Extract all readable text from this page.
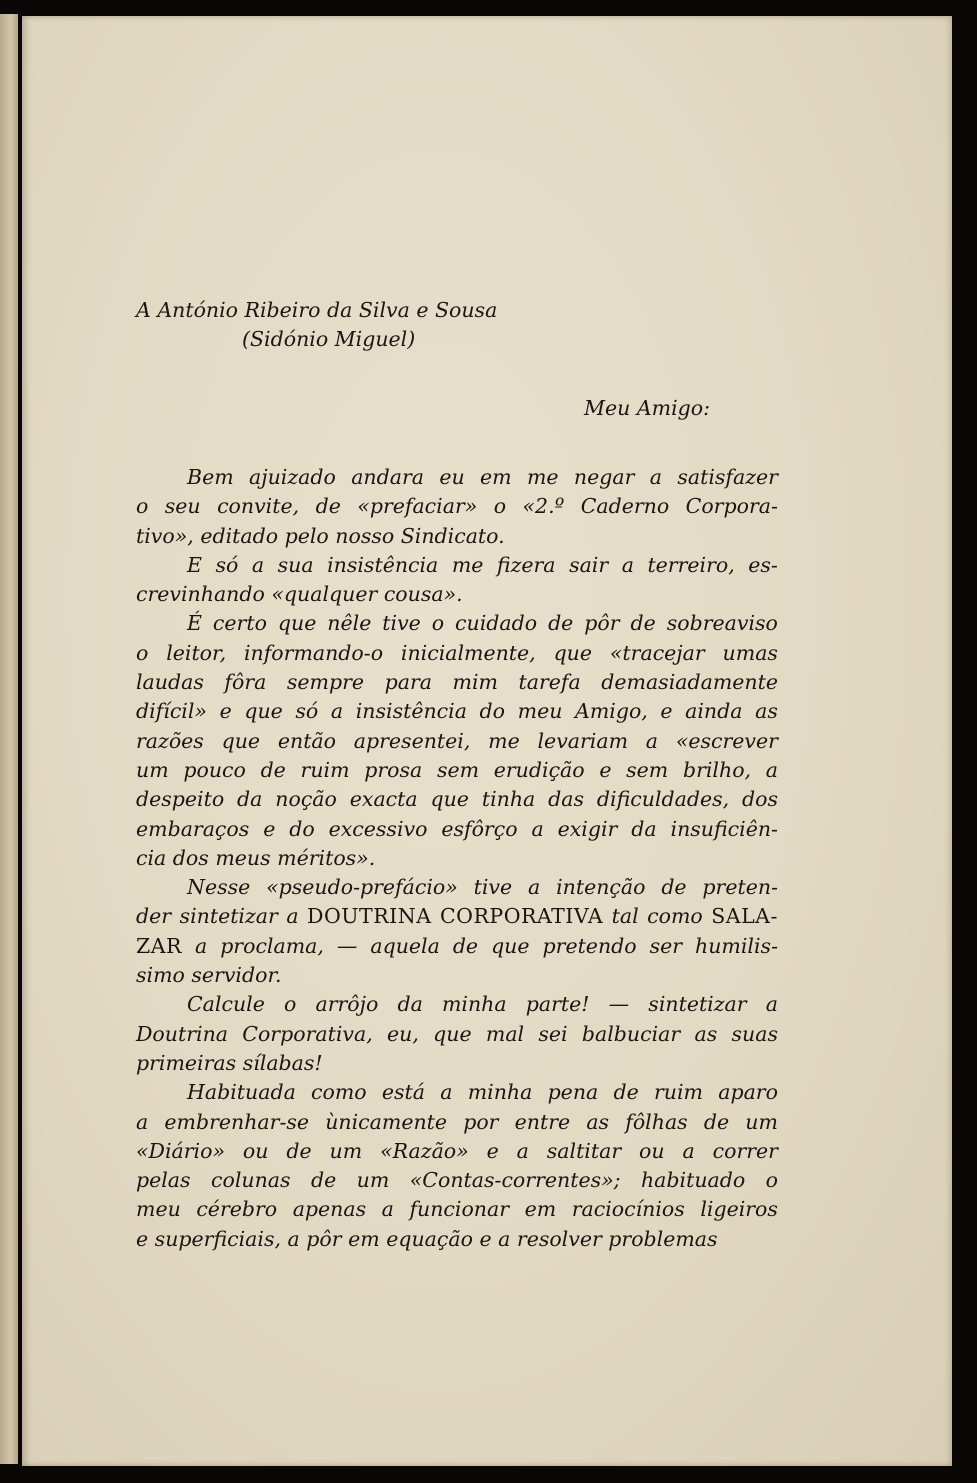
A António Ribeiro da Silva e Sousa
(Sidónio Miguel)
Meu Amigo:
Bem ajuizado andara eu em me negar a satisfazer
o seu convite, de «prefaciar» o «2.º Caderno Corpora-
tivo»,
editado
pelo
nosso
Sindicato.
E só a sua insistência me fizera sair a terreiro, es-
crevinhando
«qualquer
cousa».
É certo que nêle tive o cuidado de pôr de sobreaviso
o leitor, informando-o inicialmente, que «tracejar umas
laudas fôra sempre para mim tarefa demasiadamente
difícil» e que só a insistência do meu Amigo, e ainda as
razões que então apresentei, me levariam a «escrever
um pouco de ruim prosa sem erudição e sem brilho, a
despeito da noção exacta que tinha das dificuldades, dos
embaraços e do excessivo esfôrço a exigir da insuficiên-
cia
dos
meus
méritos».
Nesse «pseudo-prefácio» tive a intenção de preten-
der sintetizar a DOUTRINA CORPORATIVA tal como SALA-
ZAR a proclama, — aquela de que pretendo ser humilis-
simo
servidor.
Calcule o arrôjo da minha parte! — sintetizar a
Doutrina Corporativa, eu, que mal sei balbuciar as suas
primeiras
sílabas!
Habituada como está a minha pena de ruim aparo
a embrenhar-se ùnicamente por entre as fôlhas de um
«Diário» ou de um «Razão» e a saltitar ou a correr
pelas colunas de um «Contas-correntes»; habituado o
meu cérebro apenas a funcionar em raciocínios ligeiros
e
superficiais,
a
pôr
em
equação
e
a
resolver
problemas
